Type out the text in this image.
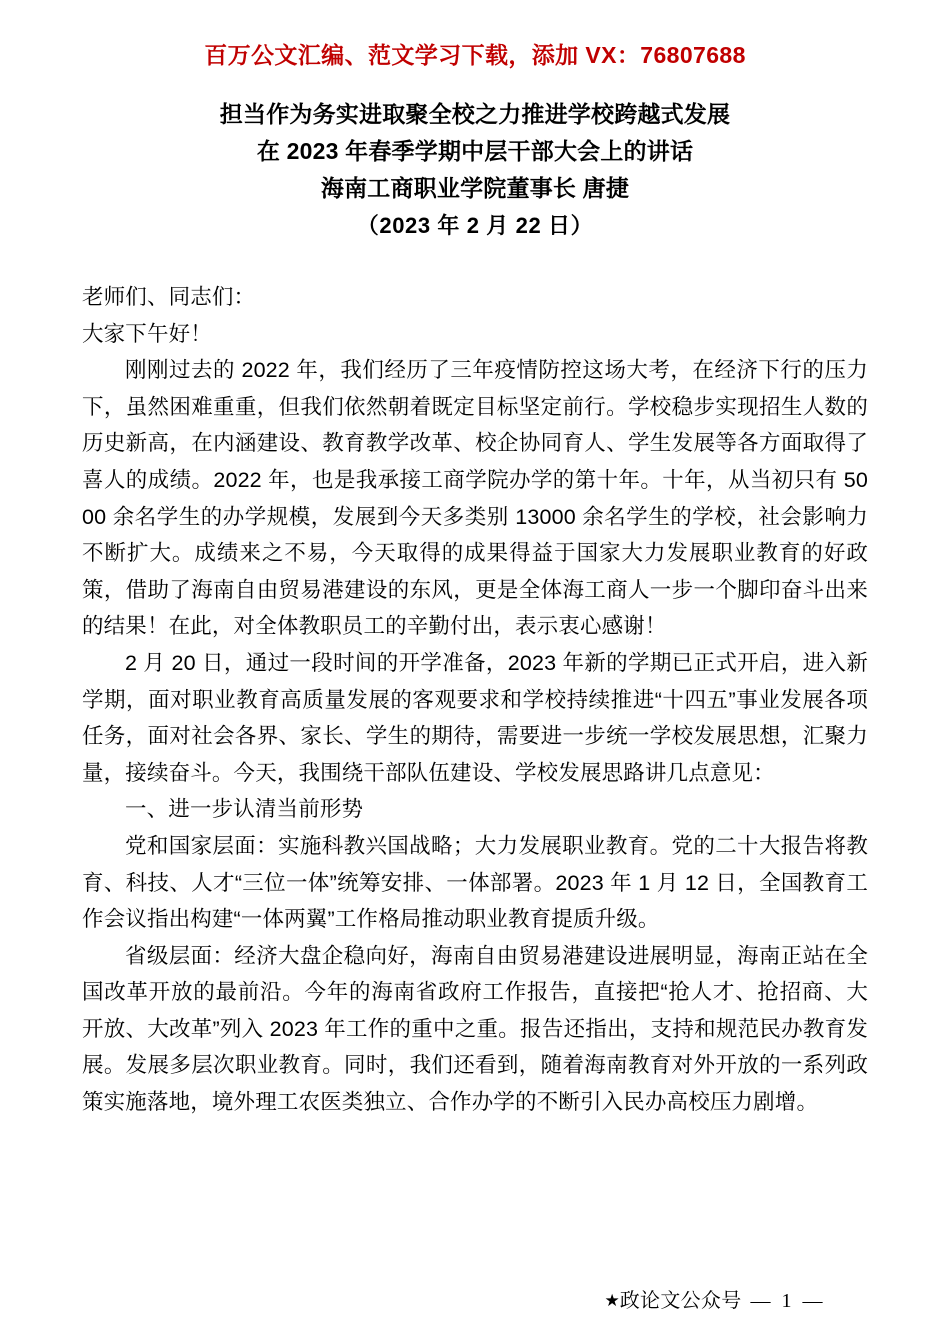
百万公文汇编、范文学习下载，添加 VX：76807688
担当作为务实进取聚全校之力推进学校跨越式发展
在 2023 年春季学期中层干部大会上的讲话
海南工商职业学院董事长 唐捷
（2023 年 2 月 22 日）

老师们、同志们：

大家下午好！

刚刚过去的 2022 年，我们经历了三年疫情防控这场大考，在经济下行的压力下，虽然困难重重，但我们依然朝着既定目标坚定前行。学校稳步实现招生人数的历史新高，在内涵建设、教育教学改革、校企协同育人、学生发展等各方面取得了喜人的成绩。2022 年，也是我承接工商学院办学的第十年。十年，从当初只有 5000 余名学生的办学规模，发展到今天多类别 13000 余名学生的学校，社会影响力不断扩大。成绩来之不易，今天取得的成果得益于国家大力发展职业教育的好政策，借助了海南自由贸易港建设的东风，更是全体海工商人一步一个脚印奋斗出来的结果！在此，对全体教职员工的辛勤付出，表示衷心感谢！

2 月 20 日，通过一段时间的开学准备，2023 年新的学期已正式开启，进入新学期，面对职业教育高质量发展的客观要求和学校持续推进“十四五”事业发展各项任务，面对社会各界、家长、学生的期待，需要进一步统一学校发展思想，汇聚力量，接续奋斗。今天，我围绕干部队伍建设、学校发展思路讲几点意见：

一、进一步认清当前形势

党和国家层面：实施科教兴国战略；大力发展职业教育。党的二十大报告将教育、科技、人才“三位一体”统筹安排、一体部署。2023 年 1 月 12 日，全国教育工作会议指出构建“一体两翼”工作格局推动职业教育提质升级。

省级层面：经济大盘企稳向好，海南自由贸易港建设进展明显，海南正站在全国改革开放的最前沿。今年的海南省政府工作报告，直接把“抢人才、抢招商、大开放、大改革”列入 2023 年工作的重中之重。报告还指出，支持和规范民办教育发展。发展多层次职业教育。同时，我们还看到，随着海南教育对外开放的一系列政策实施落地，境外理工农医类独立、合作办学的不断引入民办高校压力剧增。

★政论文公众号 — 1 —
